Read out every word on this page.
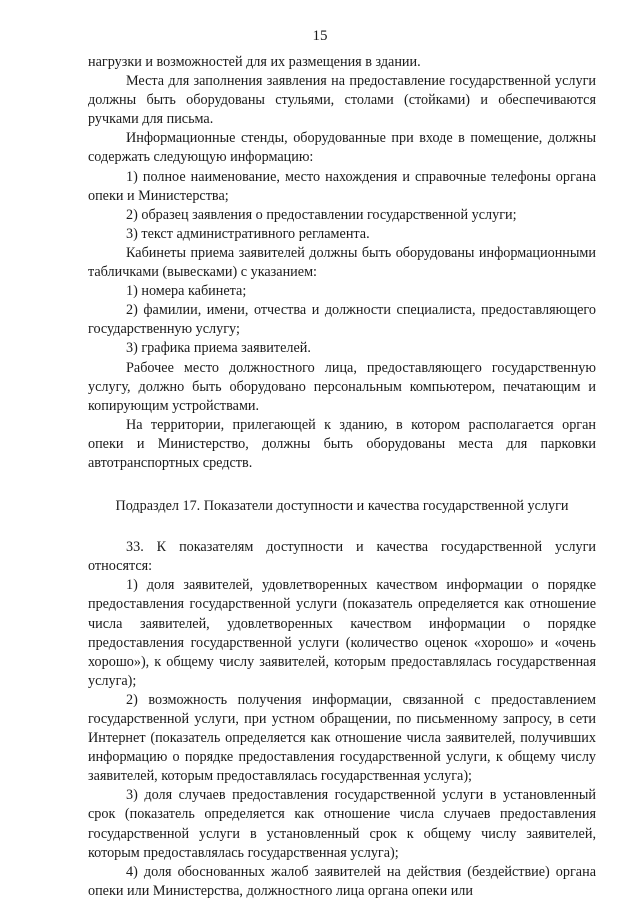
15

нагрузки и возможностей для их размещения в здании.

Места для заполнения заявления на предоставление государственной услуги должны быть оборудованы стульями, столами (стойками) и обеспечиваются ручками для письма.

Информационные стенды, оборудованные при входе в помещение, должны содержать следующую информацию:

1) полное наименование, место нахождения и справочные телефоны органа опеки и Министерства;

2) образец заявления о предоставлении государственной услуги;

3) текст административного регламента.

Кабинеты приема заявителей должны быть оборудованы информационными табличками (вывесками) с указанием:

1) номера кабинета;

2) фамилии, имени, отчества и должности специалиста, предоставляющего государственную услугу;

3) графика приема заявителей.

Рабочее место должностного лица, предоставляющего государственную услугу, должно быть оборудовано персональным компьютером, печатающим и копирующим устройствами.

На территории, прилегающей к зданию, в котором располагается орган опеки и Министерство, должны быть оборудованы места для парковки автотранспортных средств.

Подраздел 17. Показатели доступности и качества государственной услуги

33. К показателям доступности и качества государственной услуги относятся:

1) доля заявителей, удовлетворенных качеством информации о порядке предоставления государственной услуги (показатель определяется как отношение числа заявителей, удовлетворенных качеством информации о порядке предоставления государственной услуги (количество оценок «хорошо» и «очень хорошо»), к общему числу заявителей, которым предоставлялась государственная услуга);

2) возможность получения информации, связанной с предоставлением государственной услуги, при устном обращении, по письменному запросу, в сети Интернет (показатель определяется как отношение числа заявителей, получивших информацию о порядке предоставления государственной услуги, к общему числу заявителей, которым предоставлялась государственная услуга);

3) доля случаев предоставления государственной услуги в установленный срок (показатель определяется как отношение числа случаев предоставления государственной услуги в установленный срок к общему числу заявителей, которым предоставлялась государственная услуга);

4) доля обоснованных жалоб заявителей на действия (бездействие) органа опеки или Министерства, должностного лица органа опеки или
